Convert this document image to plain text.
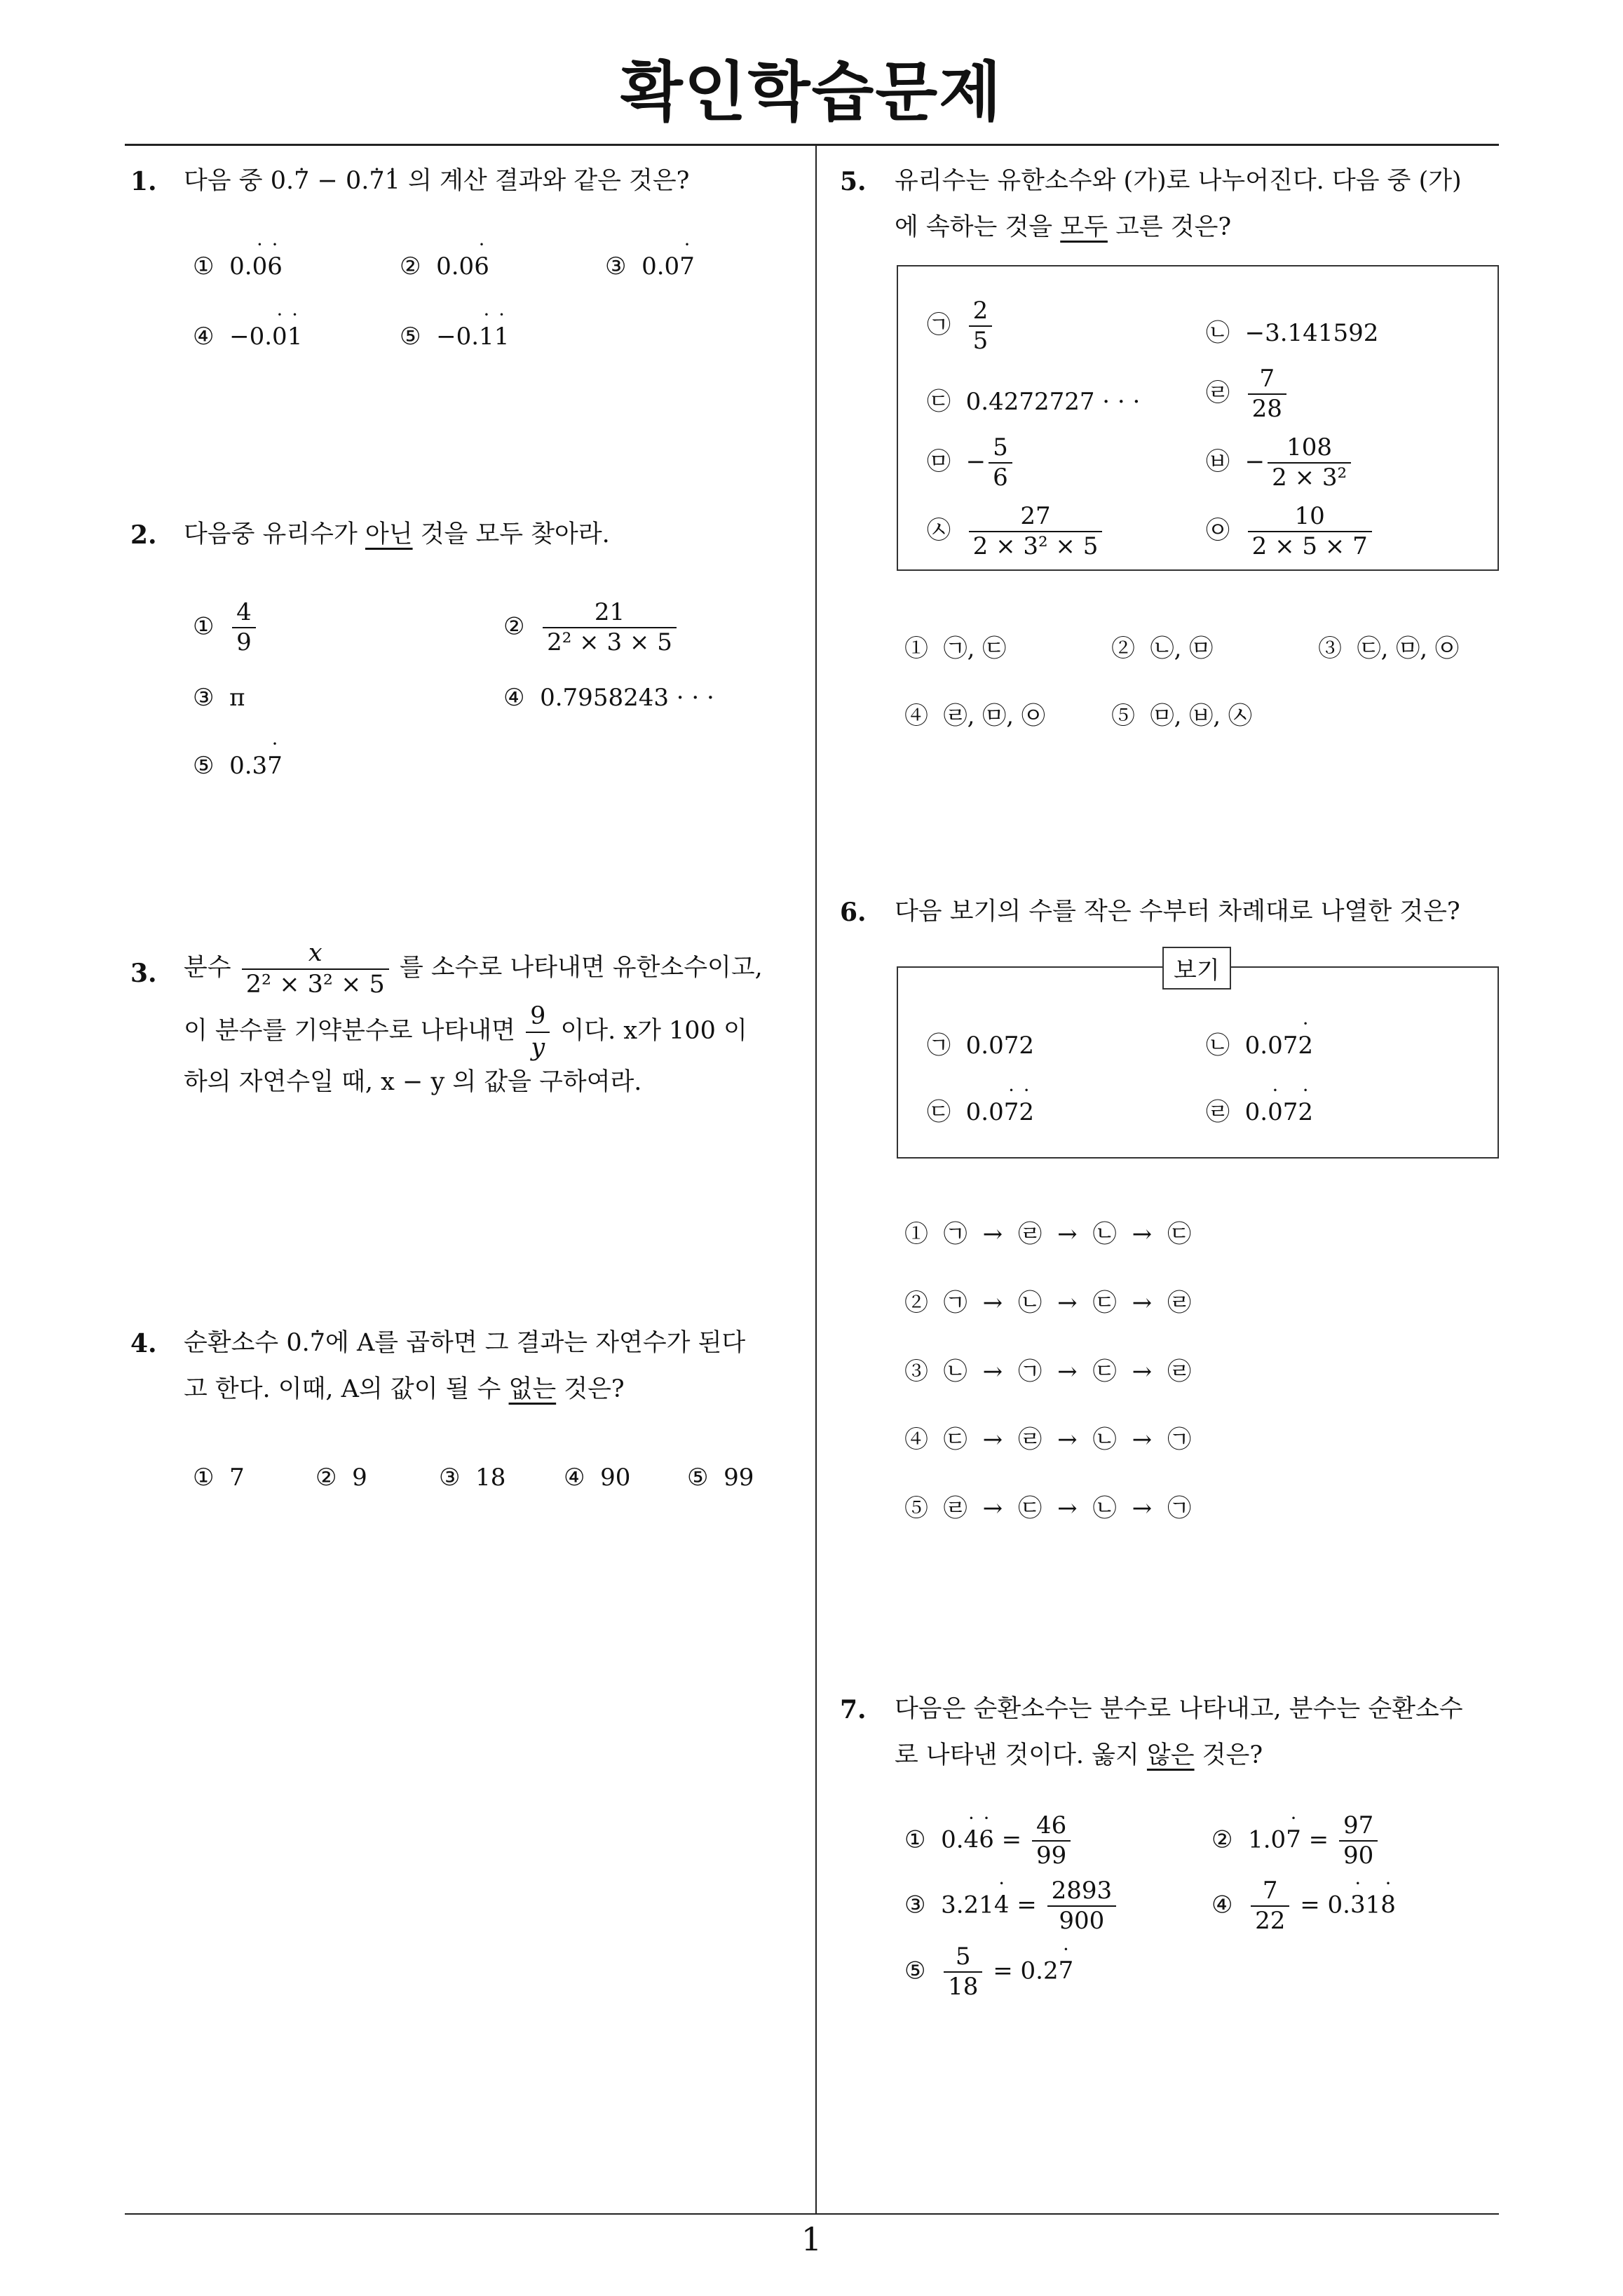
확인학습문제
1
1. 다음 중 0.˙ 7 − 0.˙ 7˙ 1 의 계산 결과와 같은 것은?
① 0.˙ 0˙ 6	② 0.0˙ 6	③ 0.0˙ 7
④ −0.˙ 0˙ 1	⑤ −0.˙ 1˙ 1
2. 다음중 유리수가 아닌 것을 모두 찾아라.
① $\frac{4}{9}$	② $\frac{21}{\text{2² × 3 × 5}}$
③ π	④ 0.7958243 · · ·
⑤ 0.3˙ 7
3. 분수 $\frac{x}{\text{2² × 3² × 5}}$ 를 소수로 나타내면 유한소수이고,
이 분수를 기약분수로 나타내면 $\frac{9}{y}$ 이다. x가 100 이
하의 자연수일 때, x − y 의 값을 구하여라.
4. 순환소수 0.˙ 7에 A를 곱하면 그 결과는 자연수가 된다
고 한다. 이때, A의 값이 될 수 없는 것은?
① 7	② 9	③ 18 ④ 90 ⑤ 99
5. 유리수는 유한소수와 (가)로 나누어진다. 다음 중 (가)
에 속하는 것을 모두 고른 것은?
㉠ $\frac{2}{5}$	㉡ −3.141592
㉢ 0.4272727 · · ·	㉣ $\frac{7}{28}$
㉤ − $\frac{5}{6}$	㉥ − $\frac{108}{\text{2 × 3²}}$
㉦ $\frac{27}{\text{2 × 3² × 5}}$	㉧ $\frac{10}{2 \times 5 \times 7}$
① ㉠, ㉢	② ㉡, ㉤	③ ㉢, ㉤, ㉧
④ ㉣, ㉤, ㉧	⑤ ㉤, ㉥, ㉦
6. 다음 보기의 수를 작은 수부터 차례대로 나열한 것은?
보기
㉠ 0.072	㉡ 0.07˙ 2
㉢ 0.0˙ 7˙ 2	㉣ 0.˙ 07˙ 2
① ㉠ → ㉣ → ㉡ → ㉢
② ㉠ → ㉡ → ㉢ → ㉣
③ ㉡ → ㉠ → ㉢ → ㉣
④ ㉢ → ㉣ → ㉡ → ㉠
⑤ ㉣ → ㉢ → ㉡ → ㉠
7. 다음은 순환소수는 분수로 나타내고, 분수는 순환소수
로 나타낸 것이다. 옳지 않은 것은?
① 0.˙ 4˙ $6 = \frac{46}{99}$	② 1.0˙ $7 = \frac{97}{90}$
③ 3.21˙ $4 = \frac{2893}{900}$	④ $\frac{7}{22}$ = 0.˙ 31˙ 8
⑤ $\frac{5}{18}$ = 0.2˙ 7
